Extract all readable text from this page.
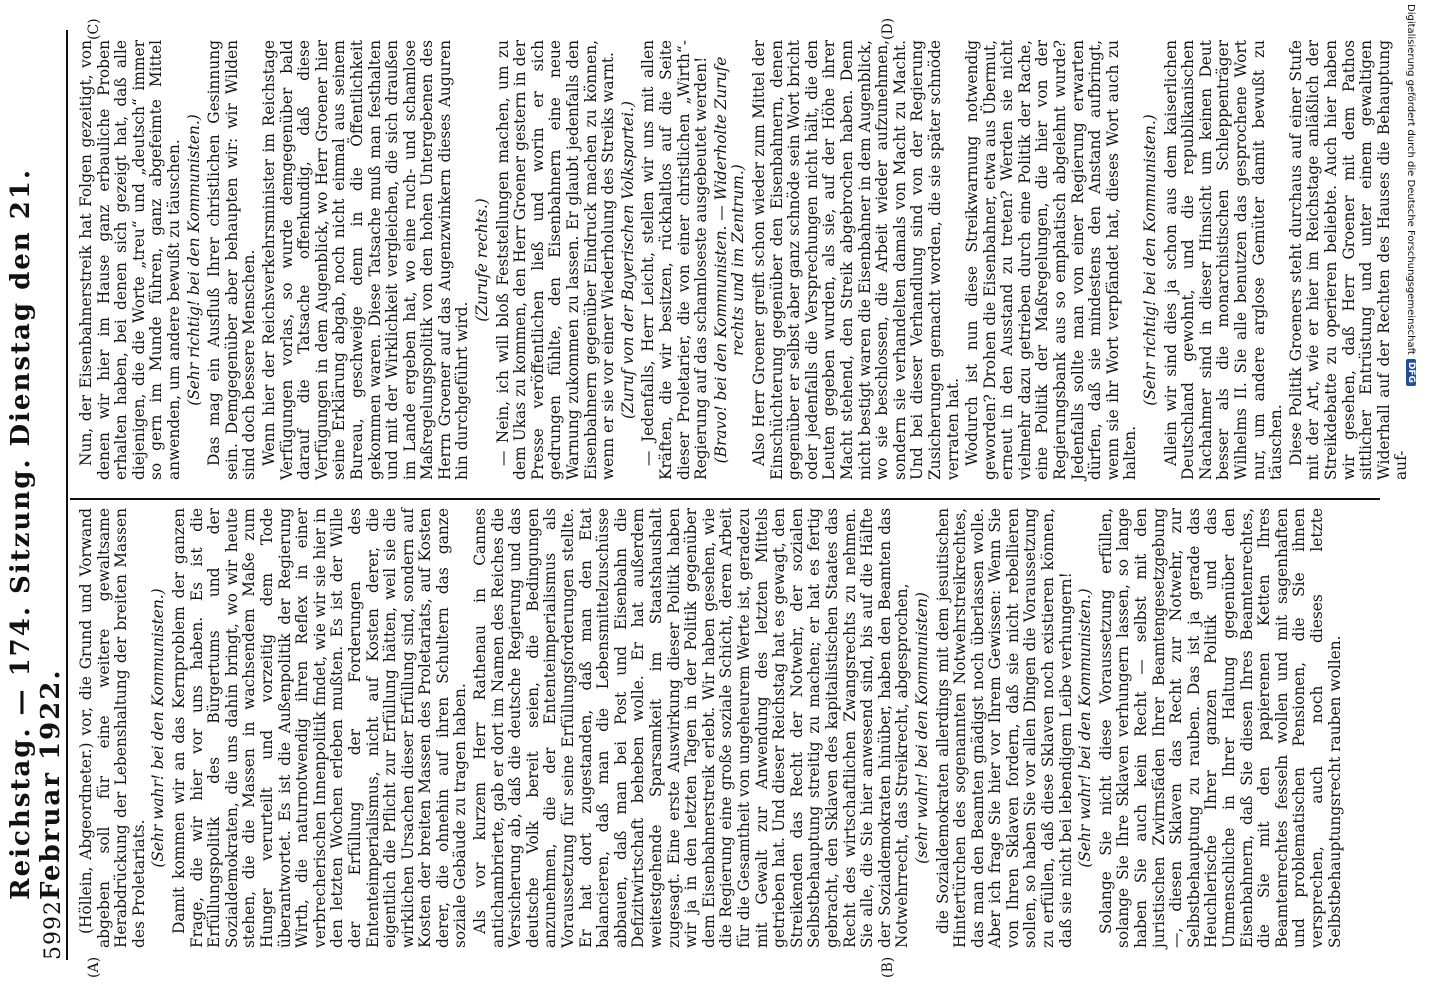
5992
Reichstag. — 174. Sitzung. Dienstag den 21. Februar 1922.
(A)	(B)
(C)	(D)

(Höllein, Abgeordneter.) vor, die Grund und Vorwand abgeben soll für eine weitere gewaltsame Herabdrückung der Lebenshaltung der breiten Massen des Proletariats.

(Sehr wahr! bei den Kommunisten.) Damit kommen wir an das Kernproblem der ganzen Frage, die wir hier vor uns haben. Es ist die Erfüllungspolitik des Bürgertums und der Sozialdemokraten, die uns dahin bringt, wo wir heute stehen, die die Massen in wachsendem Maße zum Hunger verurteilt und vorzeitig dem Tode überantwortet. Es ist die Außenpolitik der Regierung Wirth, die naturnotwendig ihren Reflex in einer verbrecherischen Innenpolitik findet, wie wir sie hier in den letzten Wochen erleben mußten. Es ist der Wille der Erfüllung der Forderungen des Ententeimperialismus, nicht auf Kosten derer, die eigentlich die Pflicht zur Erfüllung hätten, weil sie die wirklichen Ursachen dieser Erfüllung sind, sondern auf Kosten der breiten Massen des Proletariats, auf Kosten derer, die ohnehin auf ihren Schultern das ganze soziale Gebäude zu tragen haben. Als vor kurzem Herr Rathenau in Cannes antichambrierte, gab er dort im Namen des Reiches die Versicherung ab, daß die deutsche Regierung und das deutsche Volk bereit seien, die Bedingungen anzunehmen, die der Ententeimperialismus als Voraussetzung für seine Erfüllungsforderungen stellte. Er hat dort zugestanden, daß man den Etat balancieren, daß man die Lebensmittelzuschüsse abbauen, daß man bei Post und Eisenbahn die Defizitwirtschaft beheben wolle. Er hat außerdem weitestgehende Sparsamkeit im Staatshaushalt zugesagt. Eine erste Auswirkung dieser Politik haben wir ja in den letzten Tagen in der Politik gegenüber dem Eisenbahnerstreik erlebt. Wir haben gesehen, wie die Regierung eine große soziale Schicht, deren Arbeit für die Gesamtheit von ungeheurem Werte ist, geradezu mit Gewalt zur Anwendung des letzten Mittels getrieben hat. Und dieser Reichstag hat es gewagt, den Streikenden das Recht der Notwehr, der sozialen Selbstbehauptung streitig zu machen; er hat es fertig gebracht, den Sklaven des kapitalistischen Staates das Recht des wirtschaftlichen Zwangsrechts zu nehmen. Sie alle, die Sie hier anwesend sind, bis auf die Hälfte der Sozialdemokraten hinüber, haben den Beamten das Notwehrrecht, das Streikrecht, abgesprochen, (sehr wahr! bei den Kommunisten) die Sozialdemokraten allerdings mit dem jesuitischen Hintertürchen des sogenannten Notwehrstreikrechtes, das man den Beamten gnädigst noch überlassen wolle. Aber ich frage Sie hier vor Ihrem Gewissen: Wenn Sie von Ihren Sklaven fordern, daß sie nicht rebellieren sollen, so haben Sie vor allen Dingen die Voraussetzung zu erfüllen, daß diese Sklaven noch existieren können, daß sie nicht bei lebendigem Leibe verhungern! (Sehr wahr! bei den Kommunisten.) Solange Sie nicht diese Voraussetzung erfüllen, solange Sie Ihre Sklaven verhungern lassen, so lange haben Sie auch kein Recht — selbst mit den juristischen Zwirnsfäden Ihrer Beamtengesetzgebung —, diesen Sklaven das Recht zur Notwehr, zur Selbstbehauptung zu rauben. Das ist ja gerade das Heuchlerische Ihrer ganzen Politik und das Unmenschliche in Ihrer Haltung gegenüber den Eisenbahnern, daß Sie diesen Ihres Beamtenrechtes, die Sie mit den papierenen Ketten Ihres Beamtenrechtes fesseln wollen und mit sagenhaften und problematischen Pensionen, die Sie ihnen versprechen, auch noch dieses letzte Selbstbehauptungsrecht rauben wollen.

Nun, der Eisenbahnerstreik hat Folgen gezeitigt, von denen wir hier im Hause ganz erbauliche Proben erhalten haben, bei denen sich gezeigt hat, daß alle diejenigen, die die Worte „treu“ und „deutsch“ immer so gern im Munde führen, ganz abgefeimte Mittel anwenden, um andere bewußt zu täuschen. (Sehr richtig! bei den Kommunisten.) Das mag ein Ausfluß Ihrer christlichen Gesinnung sein. Demgegenüber aber behaupten wir: wir Wilden sind doch bessere Menschen. Wenn hier der Reichsverkehrsminister im Reichstage Verfügungen vorlas, so wurde demgegenüber bald darauf die Tatsache offenkundig, daß diese Verfügungen in dem Augenblick, wo Herr Groener hier seine Erklärung abgab, noch nicht einmal aus seinem Bureau, geschweige denn in die Öffentlichkeit gekommen waren. Diese Tatsache muß man festhalten und mit der Wirklichkeit vergleichen, die sich draußen im Lande ergeben hat, wo eine ruch- und schamlose Maßregelungspolitik von den hohen Untergebenen des Herrn Groener auf das Augenzwinkern dieses Auguren hin durchgeführt wird.

(Zurufe rechts.) — Nein, ich will bloß Feststellungen machen, um zu dem Ukas zu kommen, den Herr Groener gestern in der Presse veröffentlichen ließ und worin er sich gedrungen fühlte, den Eisenbahnern eine neue Warnung zukommen zu lassen. Er glaubt jedenfalls den Eisenbahnern gegenüber Eindruck machen zu können, wenn er sie vor einer Wiederholung des Streiks warnt. (Zuruf von der Bayerischen Volkspartei.) — Jedenfalls, Herr Leicht, stellen wir uns mit allen Kräften, die wir besitzen, rückhaltlos auf die Seite dieser Proletarier, die von einer christlichen „Wirth“-Regierung auf das schamloseste ausgebeutet werden! (Bravo! bei den Kommunisten. — Widerholte Zurufe rechts und im Zentrum.) Also Herr Groener greift schon wieder zum Mittel der Einschüchterung gegenüber den Eisenbahnern, denen gegenüber er selbst aber ganz schnöde sein Wort bricht oder jedenfalls die Versprechungen nicht hält, die den Leuten gegeben wurden, als sie, auf der Höhe ihrer Macht stehend, den Streik abgebrochen haben. Denn nicht bestigt waren die Eisenbahner in dem Augenblick, wo sie beschlossen, die Arbeit wieder aufzunehmen, sondern sie verhandelten damals von Macht zu Macht. Und bei dieser Verhandlung sind von der Regierung Zusicherungen gemacht worden, die sie später schnöde verraten hat. Wodurch ist nun diese Streikwarnung notwendig geworden? Drohen die Eisenbahner, etwa aus Übermut, erneut in den Ausstand zu treten? Werden sie nicht vielmehr dazu getrieben durch eine Politik der Rache, eine Politik der Maßregelungen, die hier von der Regierungsbank aus so emphatisch abgelehnt wurde? Jedenfalls sollte man von einer Regierung erwarten dürfen, daß sie mindestens den Anstand aufbringt, wenn sie ihr Wort verpfändet hat, dieses Wort auch zu halten.

(Sehr richtig! bei den Kommunisten.) Allein wir sind dies ja schon aus dem kaiserlichen Deutschland gewohnt, und die republikanischen Nachahmer sind in dieser Hinsicht um keinen Deut besser als die monarchistischen Schleppenträger Wilhelms II. Sie alle benutzen das gesprochene Wort nur, um andere arglose Gemüter damit bewußt zu täuschen. Diese Politik Groeners steht durchaus auf einer Stufe mit der Art, wie er hier im Reichstage anläßlich der Streikdebatte zu operieren beliebte. Auch hier haben wir gesehen, daß Herr Groener mit dem Pathos sittlicher Entrüstung und unter einem gewaltigen Widerhall auf der Rechten des Hauses die Behauptung auf-

Digitalisierung gefördert durch die Deutsche Forschungsgemeinschaft
DFG
